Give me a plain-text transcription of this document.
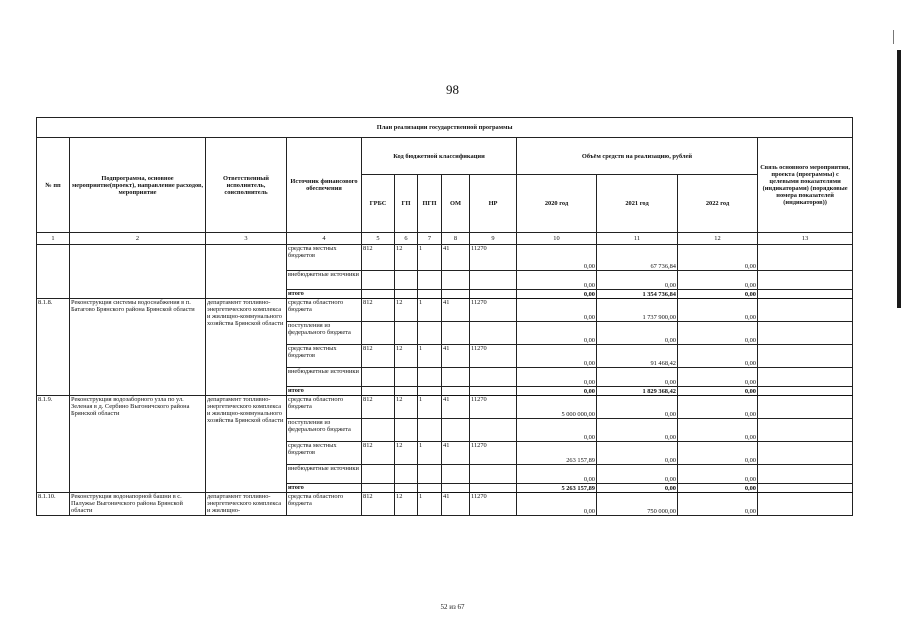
98
План реализации государственной программы												
№ пп	Подпрограмма, основное мероприятие(проект), направление расходов, мероприятие	Ответственный исполнитель, соисполнитель	Источник финансового обеспечения	Код бюджетной классификации					Объём средств на реализацию, рублей			Связь основного мероприятия, проекта (программы) с целевыми показателями (индикаторами) (порядковые номера показателей (индикаторов))
				ГРБС	ГП	ПГП	ОМ	НР	2020 год	2021 год	2022 год	
1	2	3	4	5	6	7	8	9	10	11	12	13
			средства местных бюджетов	812	12	1	41	11270	0,00	67 736,84	0,00	
			внебюджетные источники						0,00	0,00	0,00	
			итого						0,00	1 354 736,84	0,00	
8.1.8.	Реконструкция системы водоснабжения в п. Батагово Брянского района Брянской области	департамент топливно-энергетического комплекса и жилищно-коммунального хозяйства Брянской области	средства областного бюджета	812	12	1	41	11270	0,00	1 737 900,00	0,00	
			поступления из федерального бюджета						0,00	0,00	0,00	
			средства местных бюджетов	812	12	1	41	11270	0,00	91 468,42	0,00	
			внебюджетные источники						0,00	0,00	0,00	
			итого						0,00	1 829 368,42	0,00	
8.1.9.	Реконструкция водозаборного узла по ул. Зеленая в д. Сербино Выгоничского района Брянской области	департамент топливно-энергетического комплекса и жилищно-коммунального хозяйства Брянской области	средства областного бюджета	812	12	1	41	11270	5 000 000,00	0,00	0,00	
			поступления из федерального бюджета						0,00	0,00	0,00	
			средства местных бюджетов	812	12	1	41	11270	263 157,89	0,00	0,00	
			внебюджетные источники						0,00	0,00	0,00	
			итого						5 263 157,89	0,00	0,00	
8.1.10.	Реконструкция водонапорной башни в с. Палужье Выгоничского района Брянской области	департамент топливно-энергетического комплекса и жилищно-	средства областного бюджета	812	12	1	41	11270	0,00	750 000,00	0,00	
52 из 67
